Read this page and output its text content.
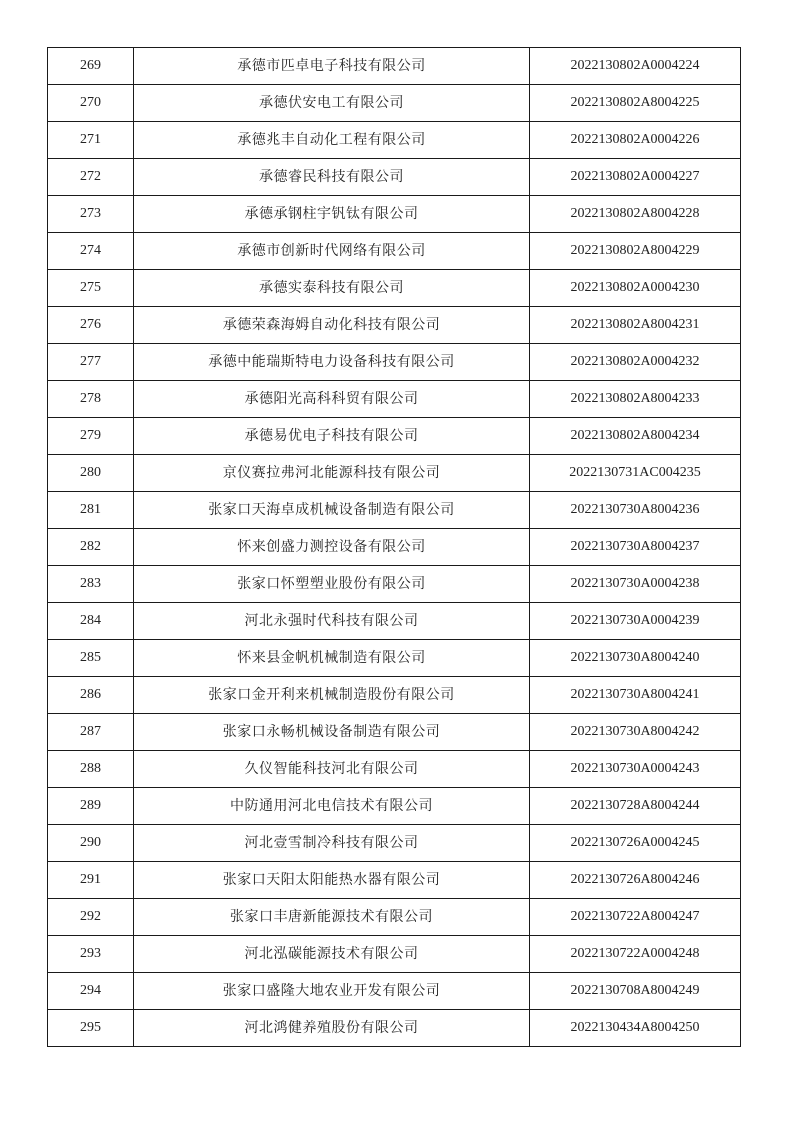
269	承德市匹卓电子科技有限公司	2022130802A0004224
270	承德伏安电工有限公司	2022130802A8004225
271	承德兆丰自动化工程有限公司	2022130802A0004226
272	承德睿民科技有限公司	2022130802A0004227
273	承德承钢柱宇钒钛有限公司	2022130802A8004228
274	承德市创新时代网络有限公司	2022130802A8004229
275	承德实泰科技有限公司	2022130802A0004230
276	承德荣森海姆自动化科技有限公司	2022130802A8004231
277	承德中能瑞斯特电力设备科技有限公司	2022130802A0004232
278	承德阳光高科科贸有限公司	2022130802A8004233
279	承德易优电子科技有限公司	2022130802A8004234
280	京仪赛拉弗河北能源科技有限公司	2022130731AC004235
281	张家口天海卓成机械设备制造有限公司	2022130730A8004236
282	怀来创盛力测控设备有限公司	2022130730A8004237
283	张家口怀塑塑业股份有限公司	2022130730A0004238
284	河北永强时代科技有限公司	2022130730A0004239
285	怀来县金帆机械制造有限公司	2022130730A8004240
286	张家口金开利来机械制造股份有限公司	2022130730A8004241
287	张家口永畅机械设备制造有限公司	2022130730A8004242
288	久仪智能科技河北有限公司	2022130730A0004243
289	中防通用河北电信技术有限公司	2022130728A8004244
290	河北壹雪制冷科技有限公司	2022130726A0004245
291	张家口天阳太阳能热水器有限公司	2022130726A8004246
292	张家口丰唐新能源技术有限公司	2022130722A8004247
293	河北泓碳能源技术有限公司	2022130722A0004248
294	张家口盛隆大地农业开发有限公司	2022130708A8004249
295	河北鸿健养殖股份有限公司	2022130434A8004250
